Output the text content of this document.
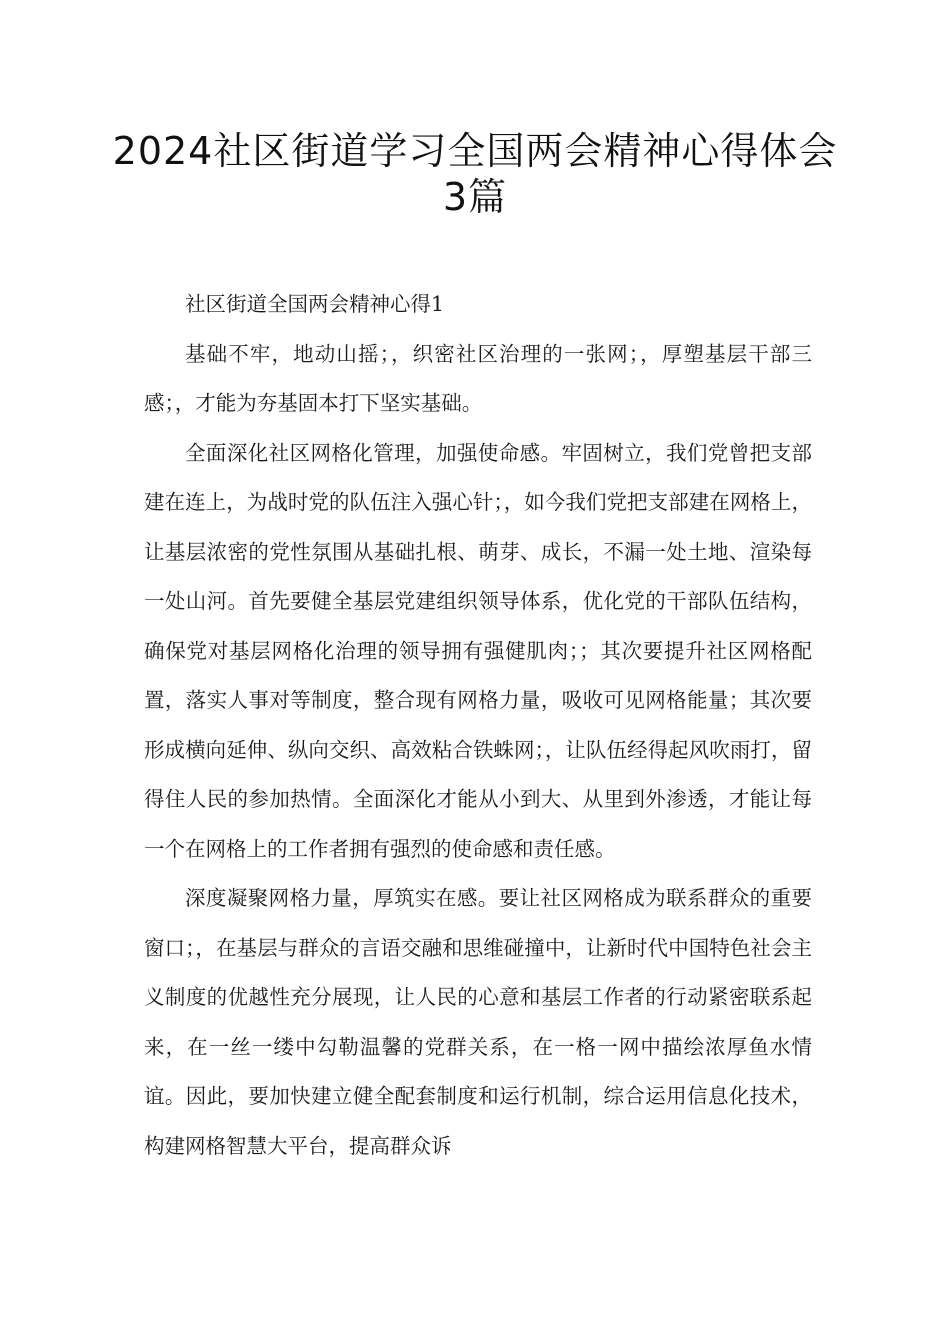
2024社区街道学习全国两会精神心得体会3篇

社区街道全国两会精神心得1

基础不牢，地动山摇；，织密社区治理的一张网；，厚塑基层干部三感；，才能为夯基固本打下坚实基础。

全面深化社区网格化管理，加强使命感。牢固树立，我们党曾把支部建在连上，为战时党的队伍注入强心针；，如今我们党把支部建在网格上，让基层浓密的党性氛围从基础扎根、萌芽、成长，不漏一处土地、渲染每一处山河。首先要健全基层党建组织领导体系，优化党的干部队伍结构，确保党对基层网格化治理的领导拥有强健肌肉；；其次要提升社区网格配置，落实人事对等制度，整合现有网格力量，吸收可见网格能量；其次要形成横向延伸、纵向交织、高效粘合铁蛛网；，让队伍经得起风吹雨打，留得住人民的参加热情。全面深化才能从小到大、从里到外渗透，才能让每一个在网格上的工作者拥有强烈的使命感和责任感。

深度凝聚网格力量，厚筑实在感。要让社区网格成为联系群众的重要窗口；，在基层与群众的言语交融和思维碰撞中，让新时代中国特色社会主义制度的优越性充分展现，让人民的心意和基层工作者的行动紧密联系起来，在一丝一缕中勾勒温馨的党群关系，在一格一网中描绘浓厚鱼水情谊。因此，要加快建立健全配套制度和运行机制，综合运用信息化技术，构建网格智慧大平台，提高群众诉
